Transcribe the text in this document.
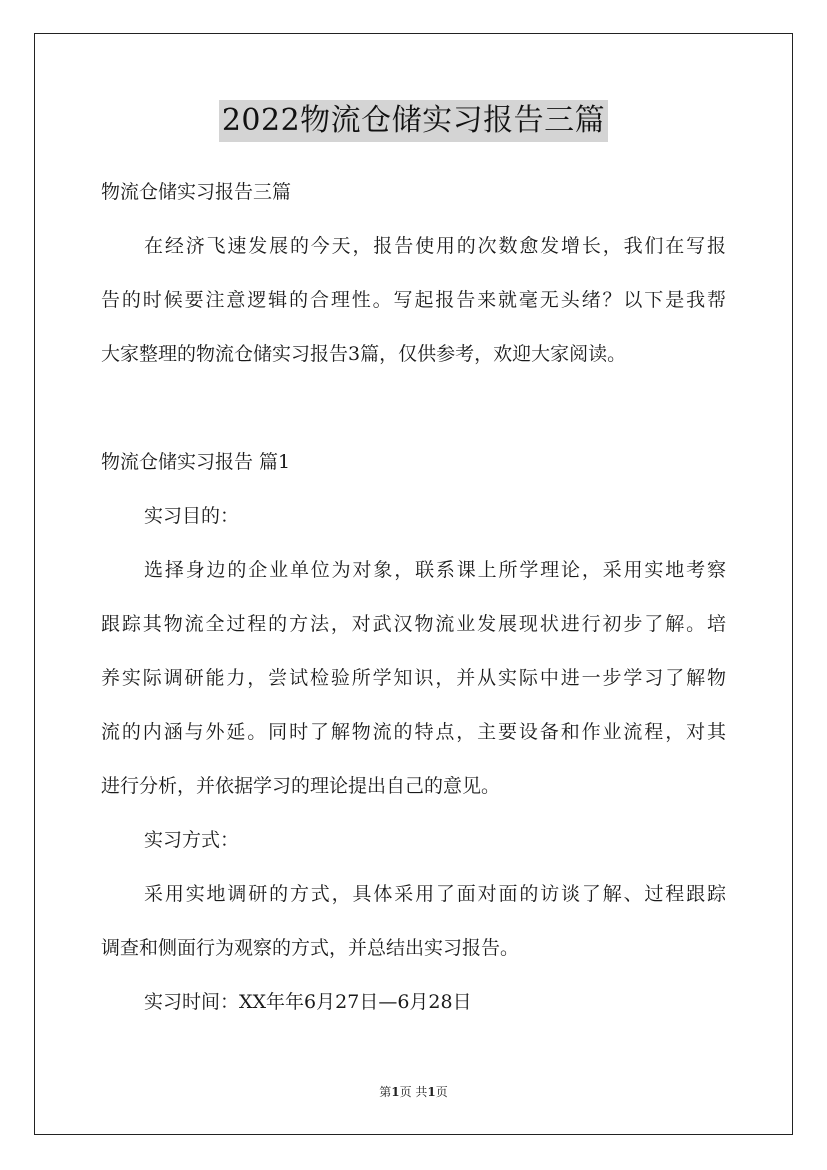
2022物流仓储实习报告三篇
物流仓储实习报告三篇
在经济飞速发展的今天，报告使用的次数愈发增长，我们在写报
告的时候要注意逻辑的合理性。写起报告来就毫无头绪？以下是我帮
大家整理的物流仓储实习报告3篇，仅供参考，欢迎大家阅读。
物流仓储实习报告 篇1
实习目的：
选择身边的企业单位为对象，联系课上所学理论，采用实地考察
跟踪其物流全过程的方法，对武汉物流业发展现状进行初步了解。培
养实际调研能力，尝试检验所学知识，并从实际中进一步学习了解物
流的内涵与外延。同时了解物流的特点，主要设备和作业流程，对其
进行分析，并依据学习的理论提出自己的意见。
实习方式：
采用实地调研的方式，具体采用了面对面的访谈了解、过程跟踪
调查和侧面行为观察的方式，并总结出实习报告。
实习时间：XX年年6月27日—6月28日
第1页 共1页
